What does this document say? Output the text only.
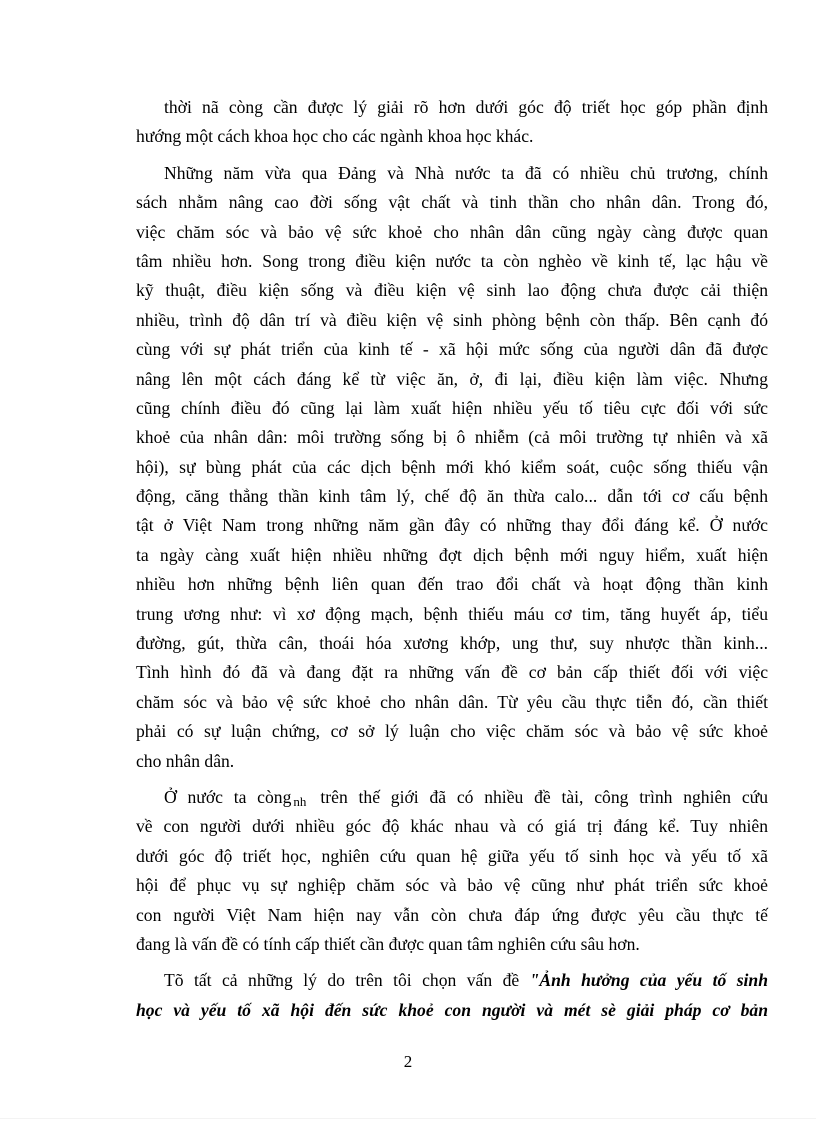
thời nã còng cần được lý giải rõ hơn dưới góc độ triết học góp phần định
hướng một cách khoa học cho các ngành khoa học khác.
Những năm vừa qua Đảng và Nhà nước ta đã có nhiều chủ trương, chính
sách nhằm nâng cao đời sống vật chất và tinh thần cho nhân dân. Trong đó,
việc chăm sóc và bảo vệ sức khoẻ cho nhân dân cũng ngày càng được quan
tâm nhiều hơn. Song trong điều kiện nước ta còn nghèo về kinh tế, lạc hậu về
kỹ thuật, điều kiện sống và điều kiện vệ sinh lao động chưa được cải thiện
nhiều, trình độ dân trí và điều kiện vệ sinh phòng bệnh còn thấp. Bên cạnh đó
cùng với sự phát triển của kinh tế - xã hội mức sống của người dân đã được
nâng lên một cách đáng kể từ việc ăn, ở, đi lại, điều kiện làm việc. Nhưng
cũng chính điều đó cũng lại làm xuất hiện nhiều yếu tố tiêu cực đối với sức
khoẻ của nhân dân: môi trường sống bị ô nhiễm (cả môi trường tự nhiên và xã
hội), sự bùng phát của các dịch bệnh mới khó kiểm soát, cuộc sống thiếu vận
động, căng thẳng thần kinh tâm lý, chế độ ăn thừa calo... dẫn tới cơ cấu bệnh
tật ở Việt Nam trong những năm gần đây có những thay đổi đáng kể. Ở nước
ta ngày càng xuất hiện nhiều những đợt dịch bệnh mới nguy hiểm, xuất hiện
nhiều hơn những bệnh liên quan đến trao đổi chất và hoạt động thần kinh
trung ương như: vì xơ động mạch, bệnh thiếu máu cơ tim, tăng huyết áp, tiểu
đường, gút, thừa cân, thoái hóa xương khớp, ung thư, suy nhược thần kinh...
Tình hình đó đã và đang đặt ra những vấn đề cơ bản cấp thiết đối với việc
chăm sóc và bảo vệ sức khoẻ cho nhân dân. Từ yêu cầu thực tiễn đó, cần thiết
phải có sự luận chứng, cơ sở lý luận cho việc chăm sóc và bảo vệ sức khoẻ
cho nhân dân.
Ở nước ta còng nh trên thế giới đã có nhiều đề tài, công trình nghiên cứu
về con người dưới nhiều góc độ khác nhau và có giá trị đáng kể. Tuy nhiên
dưới góc độ triết học, nghiên cứu quan hệ giữa yếu tố sinh học và yếu tố xã
hội để phục vụ sự nghiệp chăm sóc và bảo vệ cũng như phát triển sức khoẻ
con người Việt Nam hiện nay vẫn còn chưa đáp ứng được yêu cầu thực tế
đang là vấn đề có tính cấp thiết cần được quan tâm nghiên cứu sâu hơn.
Tõ tất cả những lý do trên tôi chọn vấn đề "Ảnh hưởng của yếu tố sinh
học và yếu tố xã hội đến sức khoẻ con người và mét sè giải pháp cơ bản
2
